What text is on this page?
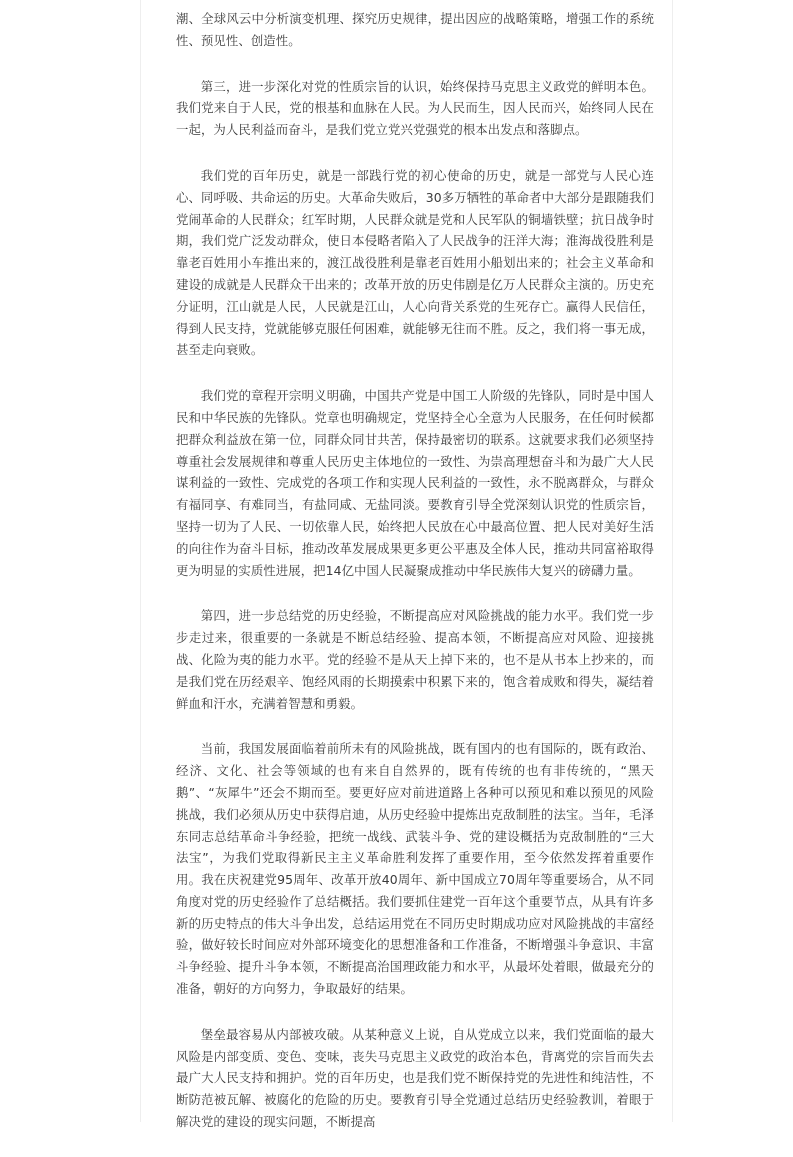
潮、全球风云中分析演变机理、探究历史规律，提出因应的战略策略，增强工作的系统性、预见性、创造性。

第三，进一步深化对党的性质宗旨的认识，始终保持马克思主义政党的鲜明本色。我们党来自于人民，党的根基和血脉在人民。为人民而生，因人民而兴，始终同人民在一起，为人民利益而奋斗，是我们党立党兴党强党的根本出发点和落脚点。

我们党的百年历史，就是一部践行党的初心使命的历史，就是一部党与人民心连心、同呼吸、共命运的历史。大革命失败后，30多万牺牲的革命者中大部分是跟随我们党闹革命的人民群众；红军时期，人民群众就是党和人民军队的铜墙铁壁；抗日战争时期，我们党广泛发动群众，使日本侵略者陷入了人民战争的汪洋大海；淮海战役胜利是靠老百姓用小车推出来的，渡江战役胜利是靠老百姓用小船划出来的；社会主义革命和建设的成就是人民群众干出来的；改革开放的历史伟剧是亿万人民群众主演的。历史充分证明，江山就是人民，人民就是江山，人心向背关系党的生死存亡。赢得人民信任，得到人民支持，党就能够克服任何困难，就能够无往而不胜。反之，我们将一事无成，甚至走向衰败。

我们党的章程开宗明义明确，中国共产党是中国工人阶级的先锋队，同时是中国人民和中华民族的先锋队。党章也明确规定，党坚持全心全意为人民服务，在任何时候都把群众利益放在第一位，同群众同甘共苦，保持最密切的联系。这就要求我们必须坚持尊重社会发展规律和尊重人民历史主体地位的一致性、为崇高理想奋斗和为最广大人民谋利益的一致性、完成党的各项工作和实现人民利益的一致性，永不脱离群众，与群众有福同享、有难同当，有盐同咸、无盐同淡。要教育引导全党深刻认识党的性质宗旨，坚持一切为了人民、一切依靠人民，始终把人民放在心中最高位置、把人民对美好生活的向往作为奋斗目标，推动改革发展成果更多更公平惠及全体人民，推动共同富裕取得更为明显的实质性进展，把14亿中国人民凝聚成推动中华民族伟大复兴的磅礴力量。

第四，进一步总结党的历史经验，不断提高应对风险挑战的能力水平。我们党一步步走过来，很重要的一条就是不断总结经验、提高本领，不断提高应对风险、迎接挑战、化险为夷的能力水平。党的经验不是从天上掉下来的，也不是从书本上抄来的，而是我们党在历经艰辛、饱经风雨的长期摸索中积累下来的，饱含着成败和得失，凝结着鲜血和汗水，充满着智慧和勇毅。

当前，我国发展面临着前所未有的风险挑战，既有国内的也有国际的，既有政治、经济、文化、社会等领域的也有来自自然界的，既有传统的也有非传统的，“黑天鹅”、“灰犀牛”还会不期而至。要更好应对前进道路上各种可以预见和难以预见的风险挑战，我们必须从历史中获得启迪，从历史经验中提炼出克敌制胜的法宝。当年，毛泽东同志总结革命斗争经验，把统一战线、武装斗争、党的建设概括为克敌制胜的“三大法宝”，为我们党取得新民主主义革命胜利发挥了重要作用，至今依然发挥着重要作用。我在庆祝建党95周年、改革开放40周年、新中国成立70周年等重要场合，从不同角度对党的历史经验作了总结概括。我们要抓住建党一百年这个重要节点，从具有许多新的历史特点的伟大斗争出发，总结运用党在不同历史时期成功应对风险挑战的丰富经验，做好较长时间应对外部环境变化的思想准备和工作准备，不断增强斗争意识、丰富斗争经验、提升斗争本领，不断提高治国理政能力和水平，从最坏处着眼，做最充分的准备，朝好的方向努力，争取最好的结果。

堡垒最容易从内部被攻破。从某种意义上说，自从党成立以来，我们党面临的最大风险是内部变质、变色、变味，丧失马克思主义政党的政治本色，背离党的宗旨而失去最广大人民支持和拥护。党的百年历史，也是我们党不断保持党的先进性和纯洁性，不断防范被瓦解、被腐化的危险的历史。要教育引导全党通过总结历史经验教训，着眼于解决党的建设的现实问题，不断提高
